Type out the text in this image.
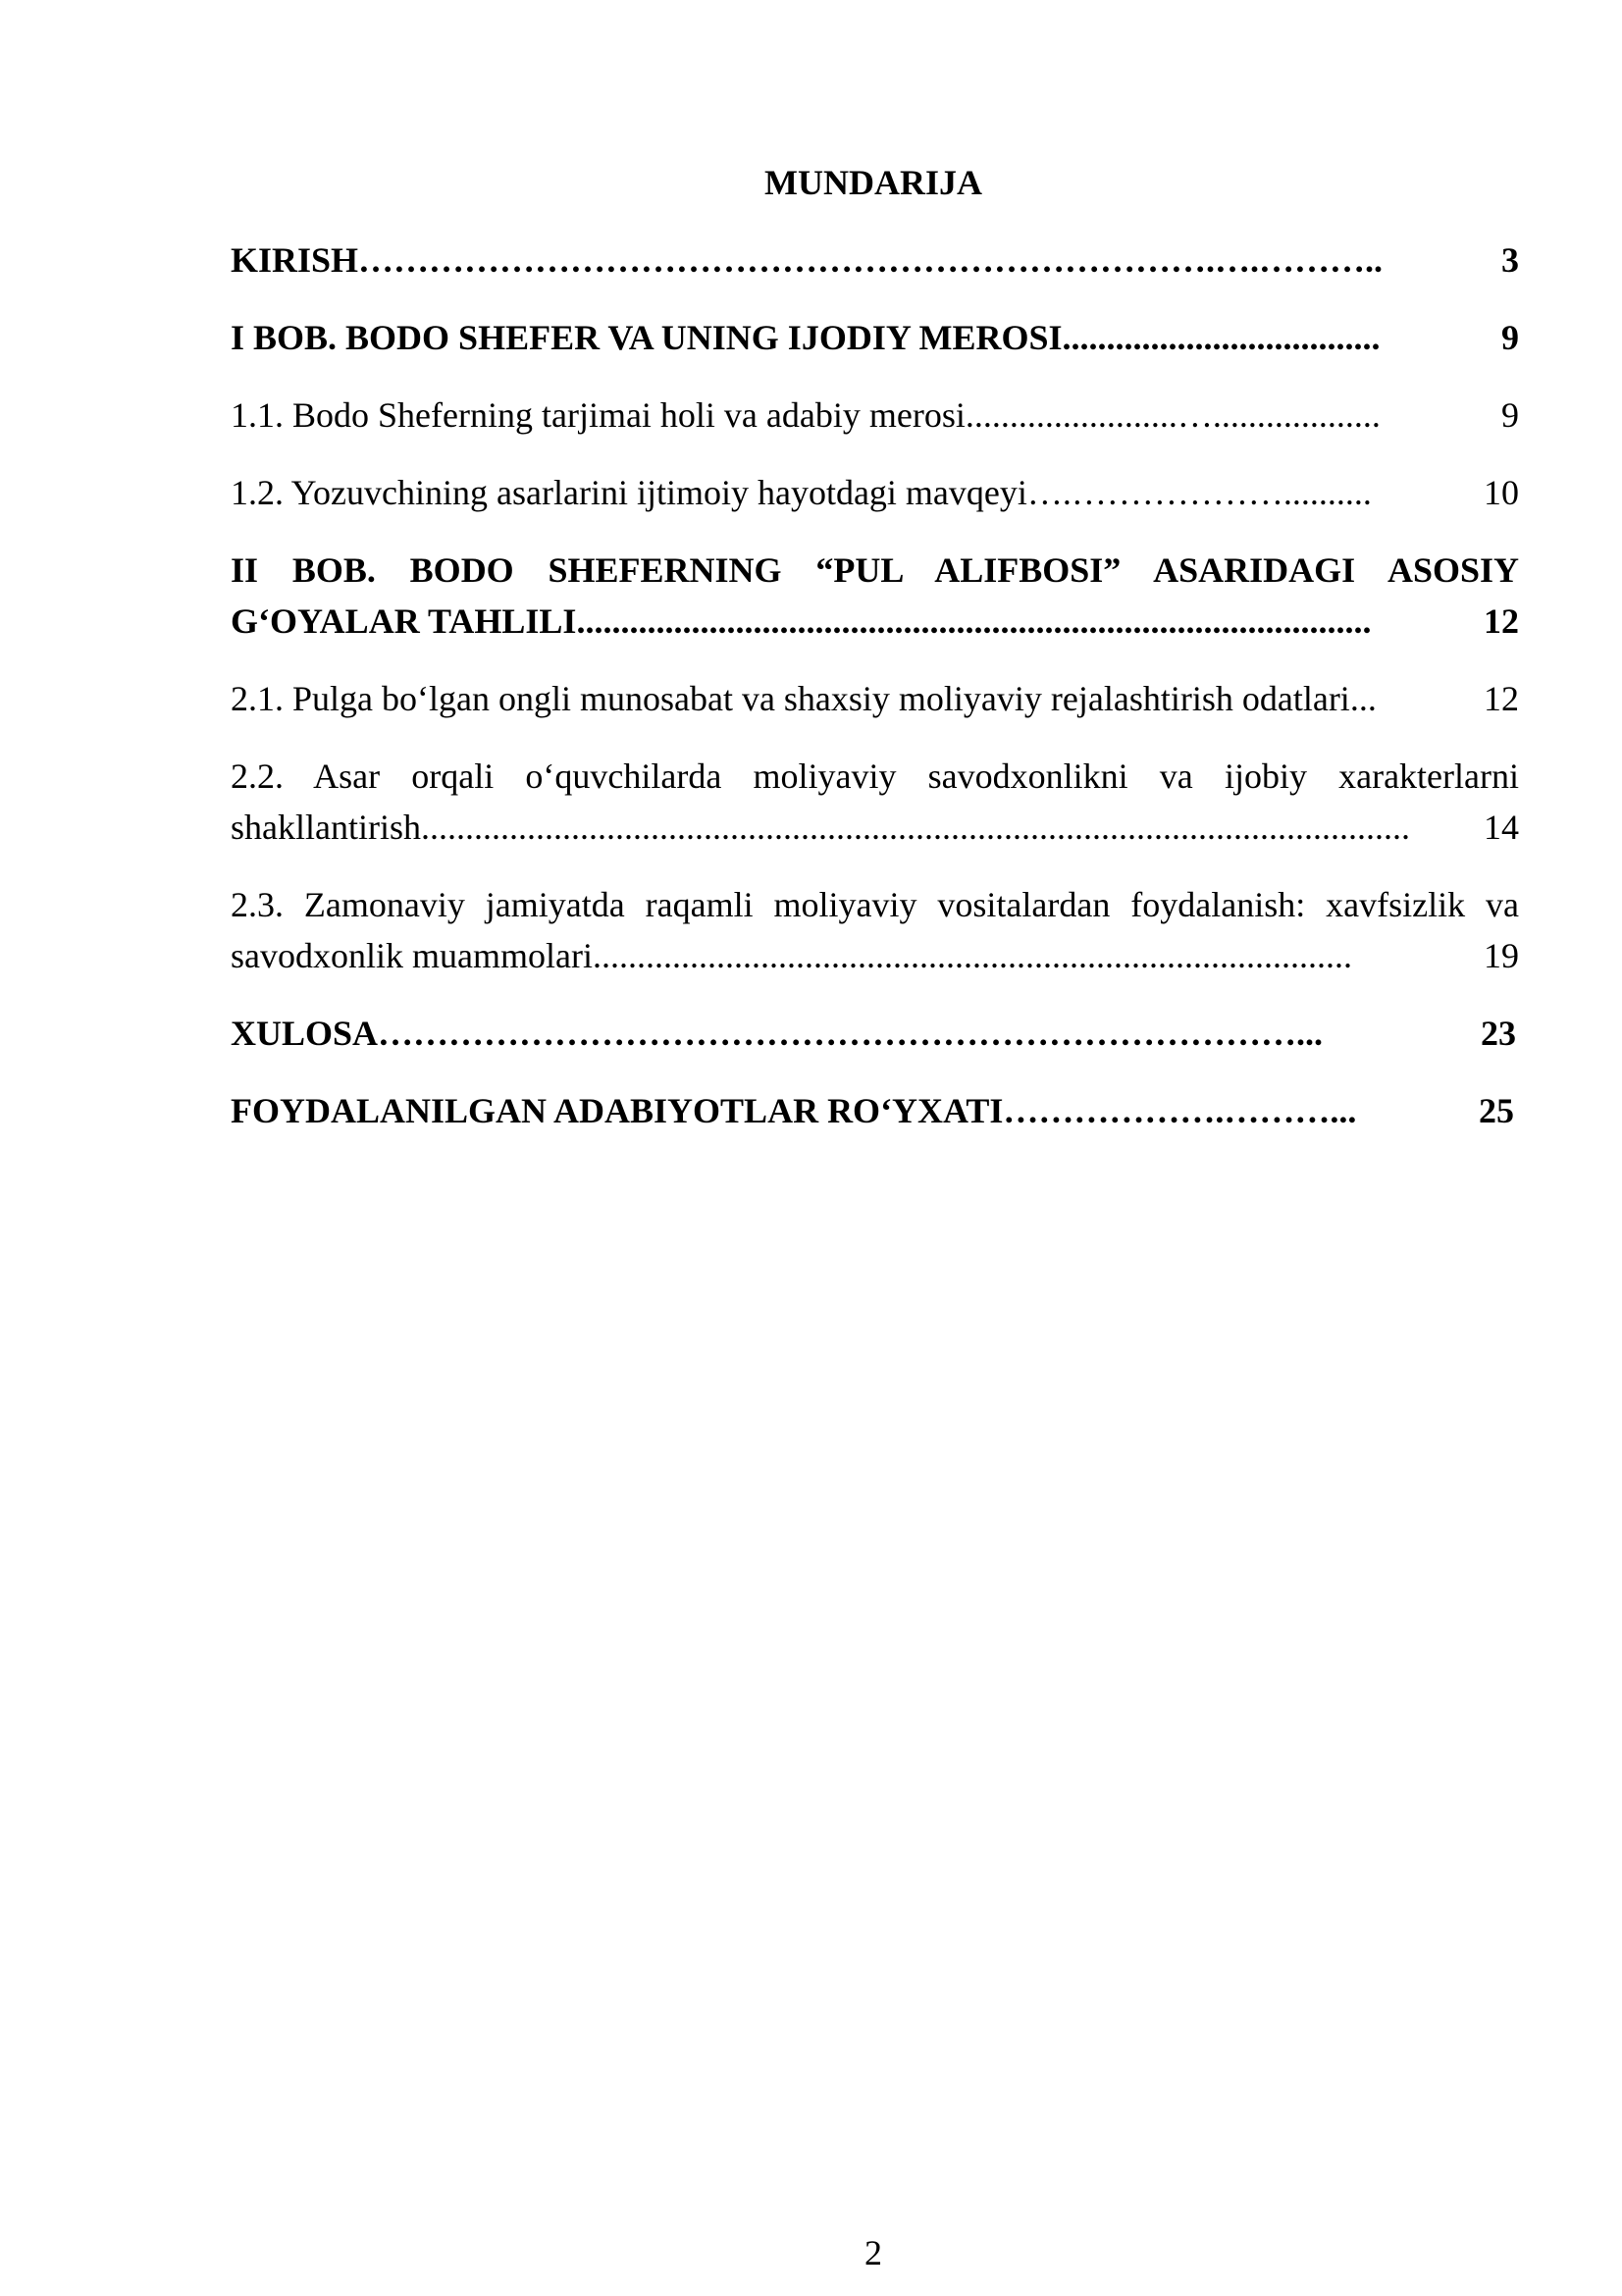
MUNDARIJA
KIRISH ……………………………………………………………….….………..	3
I BOB. BODO SHEFER VA UNING IJODIY MEROSI ....................................	9
1.1. Bodo Sheferning tarjimai holi va adabiy merosi ........................…...................	9
1.2. Yozuvchining asarlarini ijtimoiy hayotdagi mavqeyi ….………………..........	10
II BOB. BODO SHEFERNING “PUL ALIFBOSI” ASARIDAGI ASOSIY
G‘OYALAR TAHLILI ..........................................................................................	12
2.1. Pulga bo‘lgan ongli munosabat va shaxsiy moliyaviy rejalashtirish odatlari ...	12
2.2. Asar orqali o‘quvchilarda moliyaviy savodxonlikni va ijobiy xarakterlarni
shakllantirish ................................................................................................................	14
2.3. Zamonaviy jamiyatda raqamli moliyaviy vositalardan foydalanish: xavfsizlik va
savodxonlik muammolari ......................................................................................	19
XULOSA ……………………………………………………………………...	23
FOYDALANILGAN ADABIYOTLAR RO‘YXATI ……………….………...	25
2
